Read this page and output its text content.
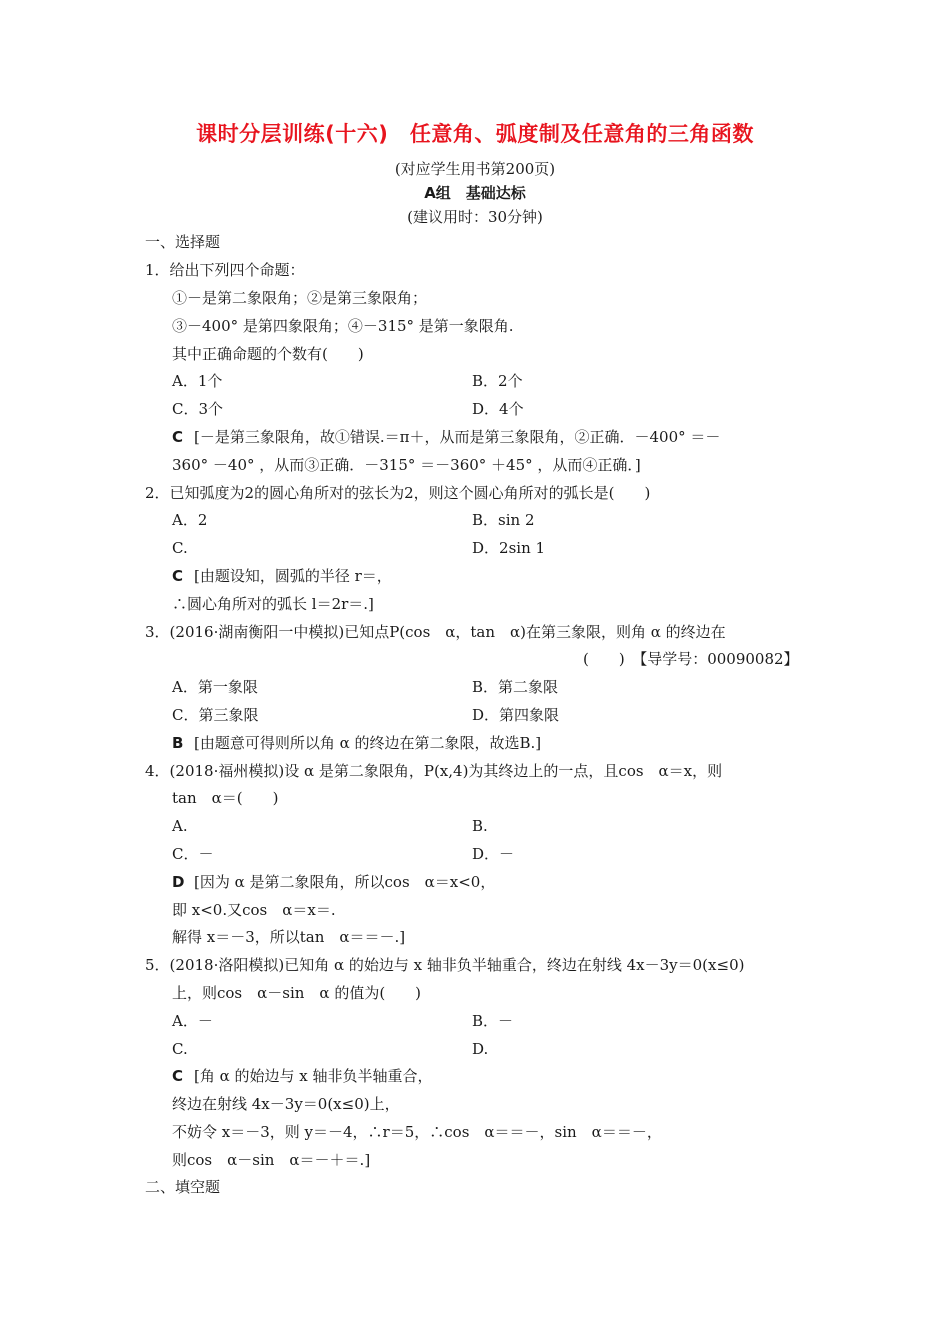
课时分层训练(十六)　任意角、弧度制及任意角的三角函数
(对应学生用书第200页)
A组　基础达标
(建议用时：30分钟)
一、选择题
1．给出下列四个命题：
①－是第二象限角；②是第三象限角；
③－400° 是第四象限角；④－315° 是第一象限角.
其中正确命题的个数有(　　)
A．1个	B．2个
C．3个	D．4个
C [－是第三象限角，故①错误.＝π＋，从而是第三象限角，②正确．－400° ＝－
360° －40° ，从而③正确．－315° ＝－360° ＋45° ，从而④正确．]
2．已知弧度为2的圆心角所对的弦长为2，则这个圆心角所对的弧长是(　　)
A．2	B．sin 2
C.	D．2sin 1
C [由题设知，圆弧的半径 r＝，
∴圆心角所对的弧长 l＝2r＝.]
3．(2016·湖南衡阳一中模拟)已知点P(cos　α，tan　α)在第三象限，则角 α 的终边在
(　　)　【导学号：00090082】
A．第一象限	B．第二象限
C．第三象限	D．第四象限
B [由题意可得则所以角 α 的终边在第二象限，故选B.]
4．(2018·福州模拟)设 α 是第二象限角，P(x,4)为其终边上的一点，且cos　α＝x，则
tan　α＝(　　)
A.	B.
C．－	D．－
D [因为 α 是第二象限角，所以cos　α＝x<0，
即 x<0.又cos　α＝x＝.
解得 x＝－3，所以tan　α＝＝－.]
5．(2018·洛阳模拟)已知角 α 的始边与 x 轴非负半轴重合，终边在射线 4x－3y＝0(x≤0)
上，则cos　α－sin　α 的值为(　　)
A．－	B．－
C.	D.
C [角 α 的始边与 x 轴非负半轴重合，
终边在射线 4x－3y＝0(x≤0)上，
不妨令 x＝－3，则 y＝－4，∴r＝5，∴cos　α＝＝－，sin　α＝＝－，
则cos　α－sin　α＝－＋＝.]
二、填空题
